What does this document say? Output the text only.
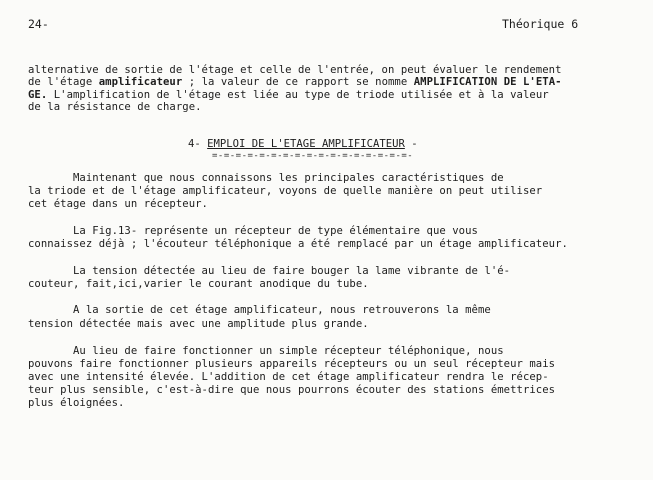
24-	Théorique 6
alternative de sortie de l'étage et celle de l'entrée, on peut évaluer le rendement
de l'étage amplificateur ; la valeur de ce rapport se nomme AMPLIFICATION DE L'ETA-
GE. L'amplification de l'étage est liée au type de triode utilisée et à la valeur
de la résistance de charge.
4- EMPLOI DE L'ETAGE AMPLIFICATEUR -
=-=-=-=-=-=-=-=-=-=-=-=-=-=-=-=-=-
Maintenant que nous connaissons les principales caractéristiques de
la triode et de l'étage amplificateur, voyons de quelle manière on peut utiliser
cet étage dans un récepteur.
La Fig.13- représente un récepteur de type élémentaire que vous
connaissez déjà ; l'écouteur téléphonique a été remplacé par un étage amplificateur.
La tension détectée au lieu de faire bouger la lame vibrante de l'é-
couteur, fait,ici,varier le courant anodique du tube.
A la sortie de cet étage amplificateur, nous retrouverons la même
tension détectée mais avec une amplitude plus grande.
Au lieu de faire fonctionner un simple récepteur téléphonique, nous
pouvons faire fonctionner plusieurs appareils récepteurs ou un seul récepteur mais
avec une intensité élevée. L'addition de cet étage amplificateur rendra le récep-
teur plus sensible, c'est-à-dire que nous pourrons écouter des stations émettrices
plus éloignées.
